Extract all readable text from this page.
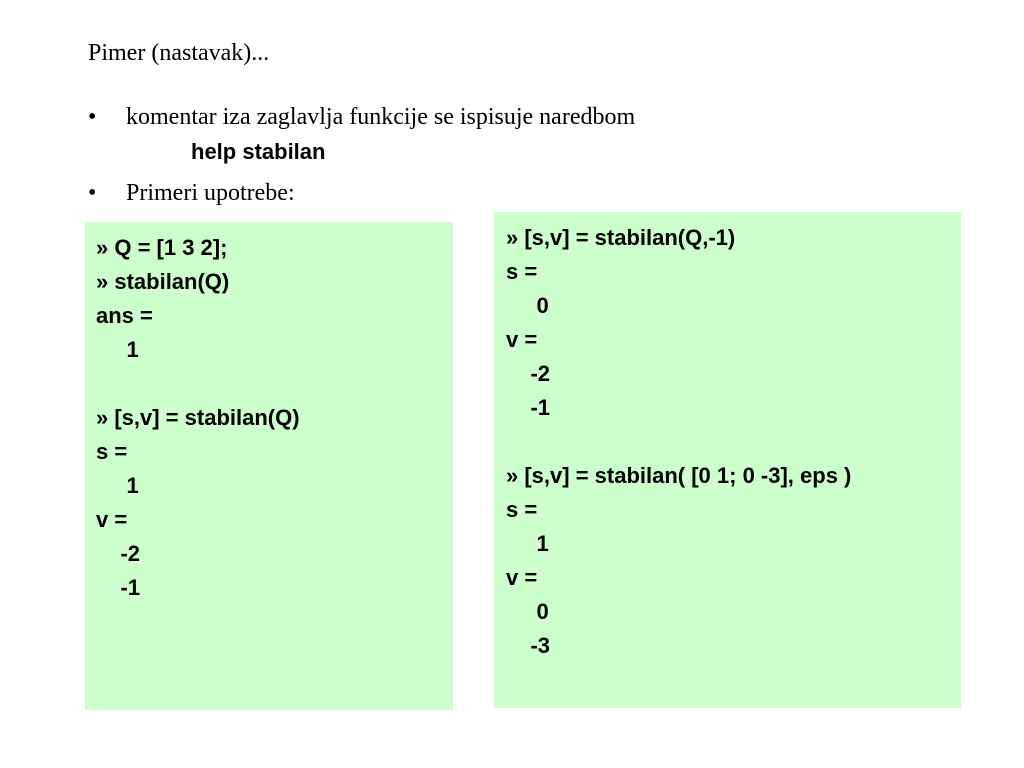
Pimer (nastavak)...
• komentar iza zaglavlja funkcije se ispisuje naredbom
help stabilan
• Primeri upotrebe:
» Q = [1 3 2];
» stabilan(Q)
ans =
1
» [s,v] = stabilan(Q)
s =
1
v =
-2
-1
» [s,v] = stabilan(Q,-1)
s =
0
v =
-2
-1
» [s,v] = stabilan( [0 1; 0 -3], eps )
s =
1
v =
0
-3
